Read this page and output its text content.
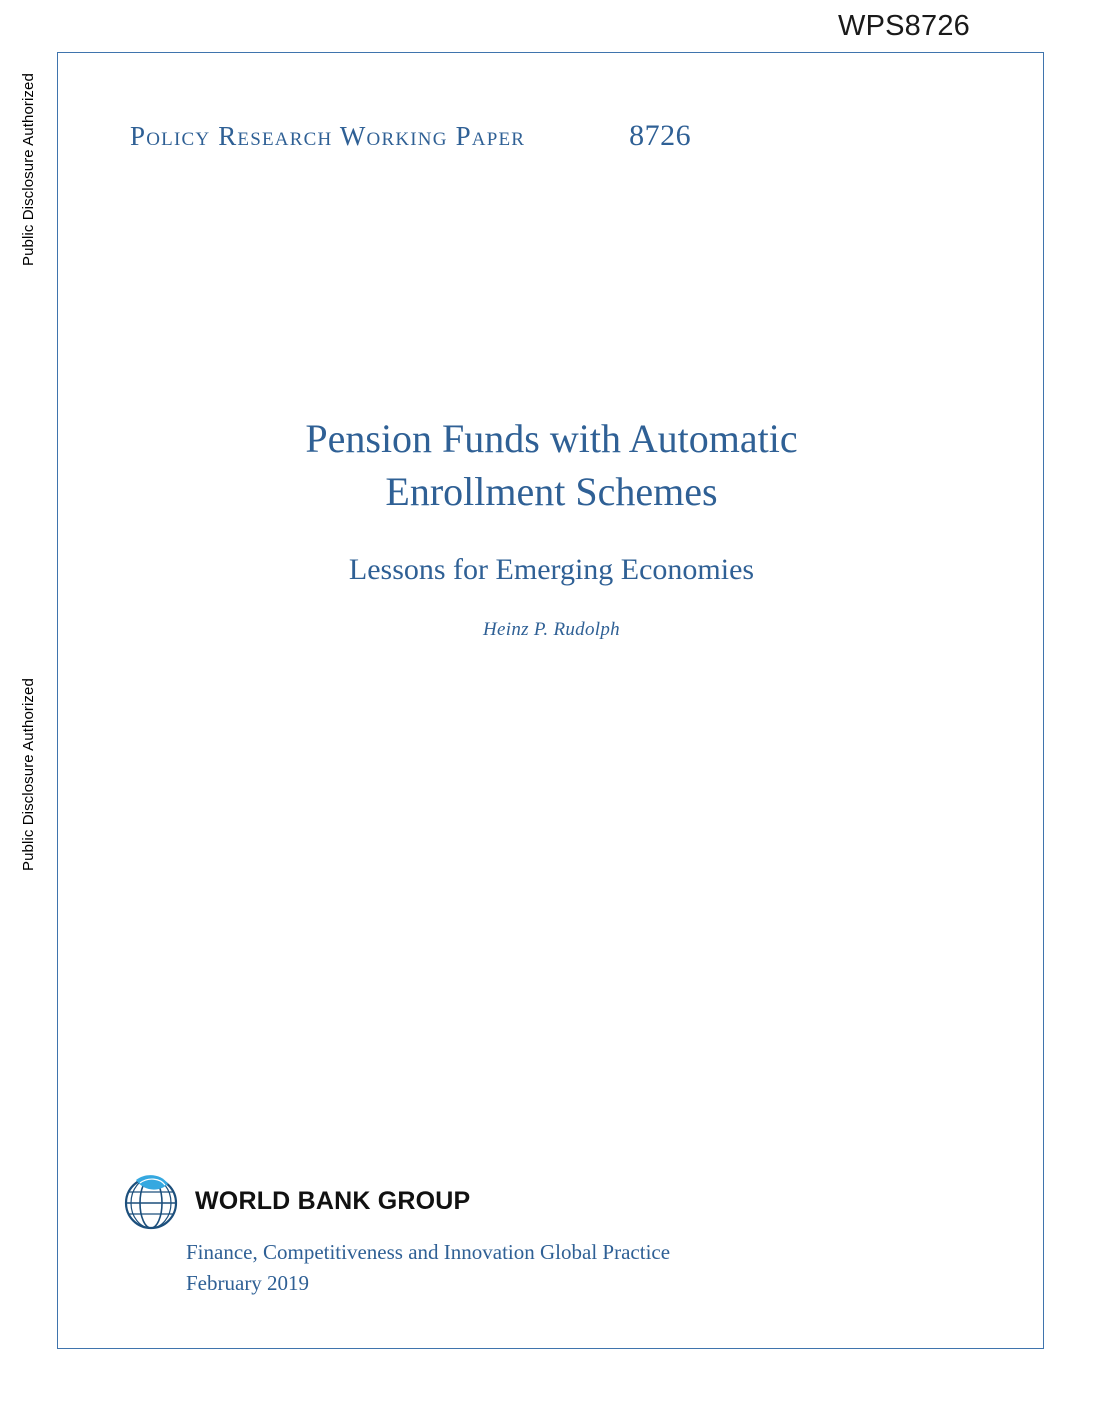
Public Disclosure Authorized
Public Disclosure Authorized
WPS8726
Policy Research Working Paper	8726
Pension Funds with Automatic Enrollment Schemes
Lessons for Emerging Economies
Heinz P. Rudolph
WORLD BANK GROUP
Finance, Competitiveness and Innovation Global Practice
February 2019
